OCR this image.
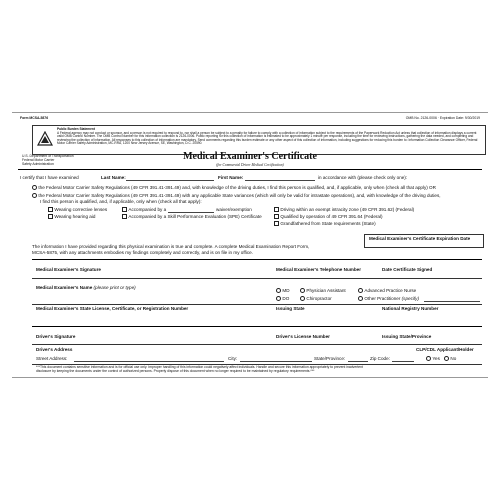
Form MCSA-5876	OMB No. 2126-0006 · Expiration Date: 9/30/2019
Public Burden Statement
A Federal agency may not conduct or sponsor, and a person is not required to respond to, nor shall a person be subject to a penalty for failure to comply with a collection of information subject to the requirements of the Paperwork Reduction Act unless that collection of information displays a current valid OMB Control Number. The OMB Control Number for this information collection is 2126-0006. Public reporting for this collection of information is estimated to be approximately 1 minute per response, including the time for reviewing instructions, gathering the data needed, and completing and reviewing the collection of information. All responses to this collection of information are mandatory. Send comments regarding this burden estimate or any other aspect of this collection of information, including suggestions for reducing this burden to: Information Collection Clearance Officer, Federal Motor Carrier Safety Administration, MC-RRA, 1200 New Jersey Avenue, SE, Washington, D.C. 20590.
U.S. Department of Transportation
Federal Motor Carrier
Safety Administration
Medical Examiner's Certificate
(for Commercial Driver Medical Certification)
I certify that I have examined	Last Name:	First Name:	in accordance with (please check only one):
the Federal Motor Carrier Safety Regulations (49 CFR 391.41-391.49) and, with knowledge of the driving duties, I find this person is qualified, and, if applicable, only when (check all that apply) OR
the Federal Motor Carrier Safety Regulations (49 CFR 391.41-391.49) with any applicable State variances (which will only be valid for intrastate operations), and, with knowledge of the driving duties,
I find this person is qualified, and, if applicable, only when (check all that apply):
Wearing corrective lenses
Wearing hearing aid
Accompanied by a	waiver/exemption
Accompanied by a Skill Performance Evaluation (SPE) Certificate
Driving within an exempt intracity zone (49 CFR 391.62) (Federal)
Qualified by operation of 49 CFR 391.64 (Federal)
Grandfathered from State requirements (State)
Medical Examiner's Certificate Expiration Date
The information I have provided regarding this physical examination is true and complete. A complete Medical Examination Report Form,
MCSA-5875, with any attachments embodies my findings completely and correctly, and is on file in my office.
Medical Examiner's Signature	Medical Examiner's Telephone Number	Date Certificate Signed
Medical Examiner's Name (please print or type)
MD
DO
Physician Assistant
Chiropractor
Advanced Practice Nurse
Other Practitioner (specify)
Medical Examiner's State License, Certificate, or Registration Number	Issuing State	National Registry Number
Driver's Signature	Driver's License Number	Issuing State/Province
Driver's Address	CLP/CDL Applicant/Holder
Street Address:	City:	State/Province:	Zip Code:	Yes	No
***This document contains sensitive information and is for official use only. Improper handling of this information could negatively affect individuals. Handle and secure this information appropriately to prevent inadvertent
disclosure by keeping the documents under the control of authorized persons. Properly dispose of this document when no longer required to be maintained by regulatory requirements.***
